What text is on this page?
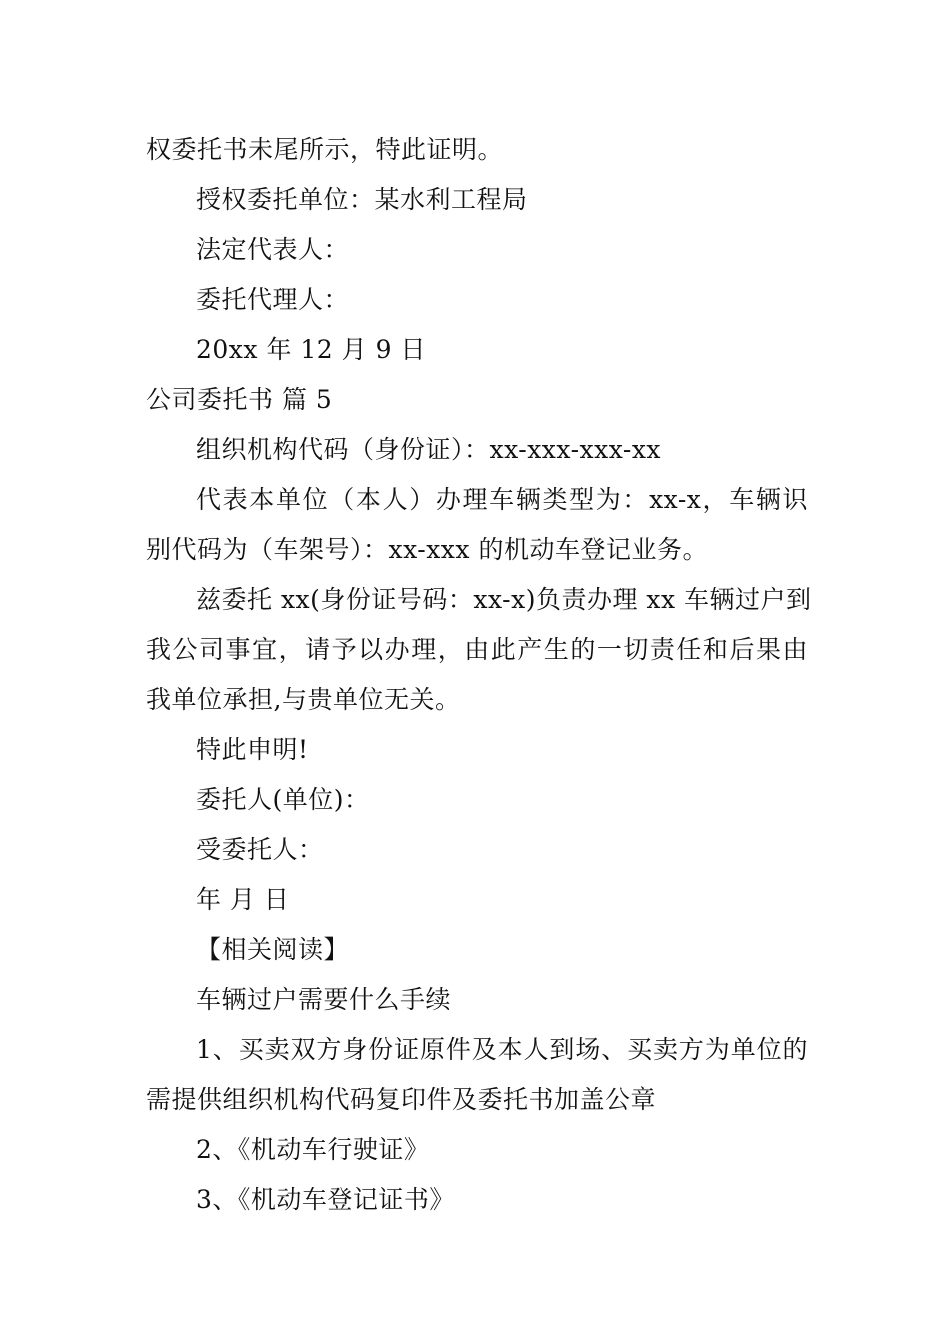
权委托书未尾所示，特此证明。
授权委托单位：某水利工程局
法定代表人：
委托代理人：
20xx 年 12 月 9 日
公司委托书 篇 5
组织机构代码（身份证）：xx-xxx-xxx-xx
代表本单位（本人）办理车辆类型为：xx-x，车辆识
别代码为（车架号）：xx-xxx 的机动车登记业务。
兹委托 xx(身份证号码：xx-x)负责办理 xx 车辆过户到
我公司事宜，请予以办理，由此产生的一切责任和后果由
我单位承担,与贵单位无关。
特此申明!
委托人(单位)：
受委托人：
年 月 日
【相关阅读】
车辆过户需要什么手续
1、买卖双方身份证原件及本人到场、买卖方为单位的
需提供组织机构代码复印件及委托书加盖公章
2、《机动车行驶证》
3、《机动车登记证书》
